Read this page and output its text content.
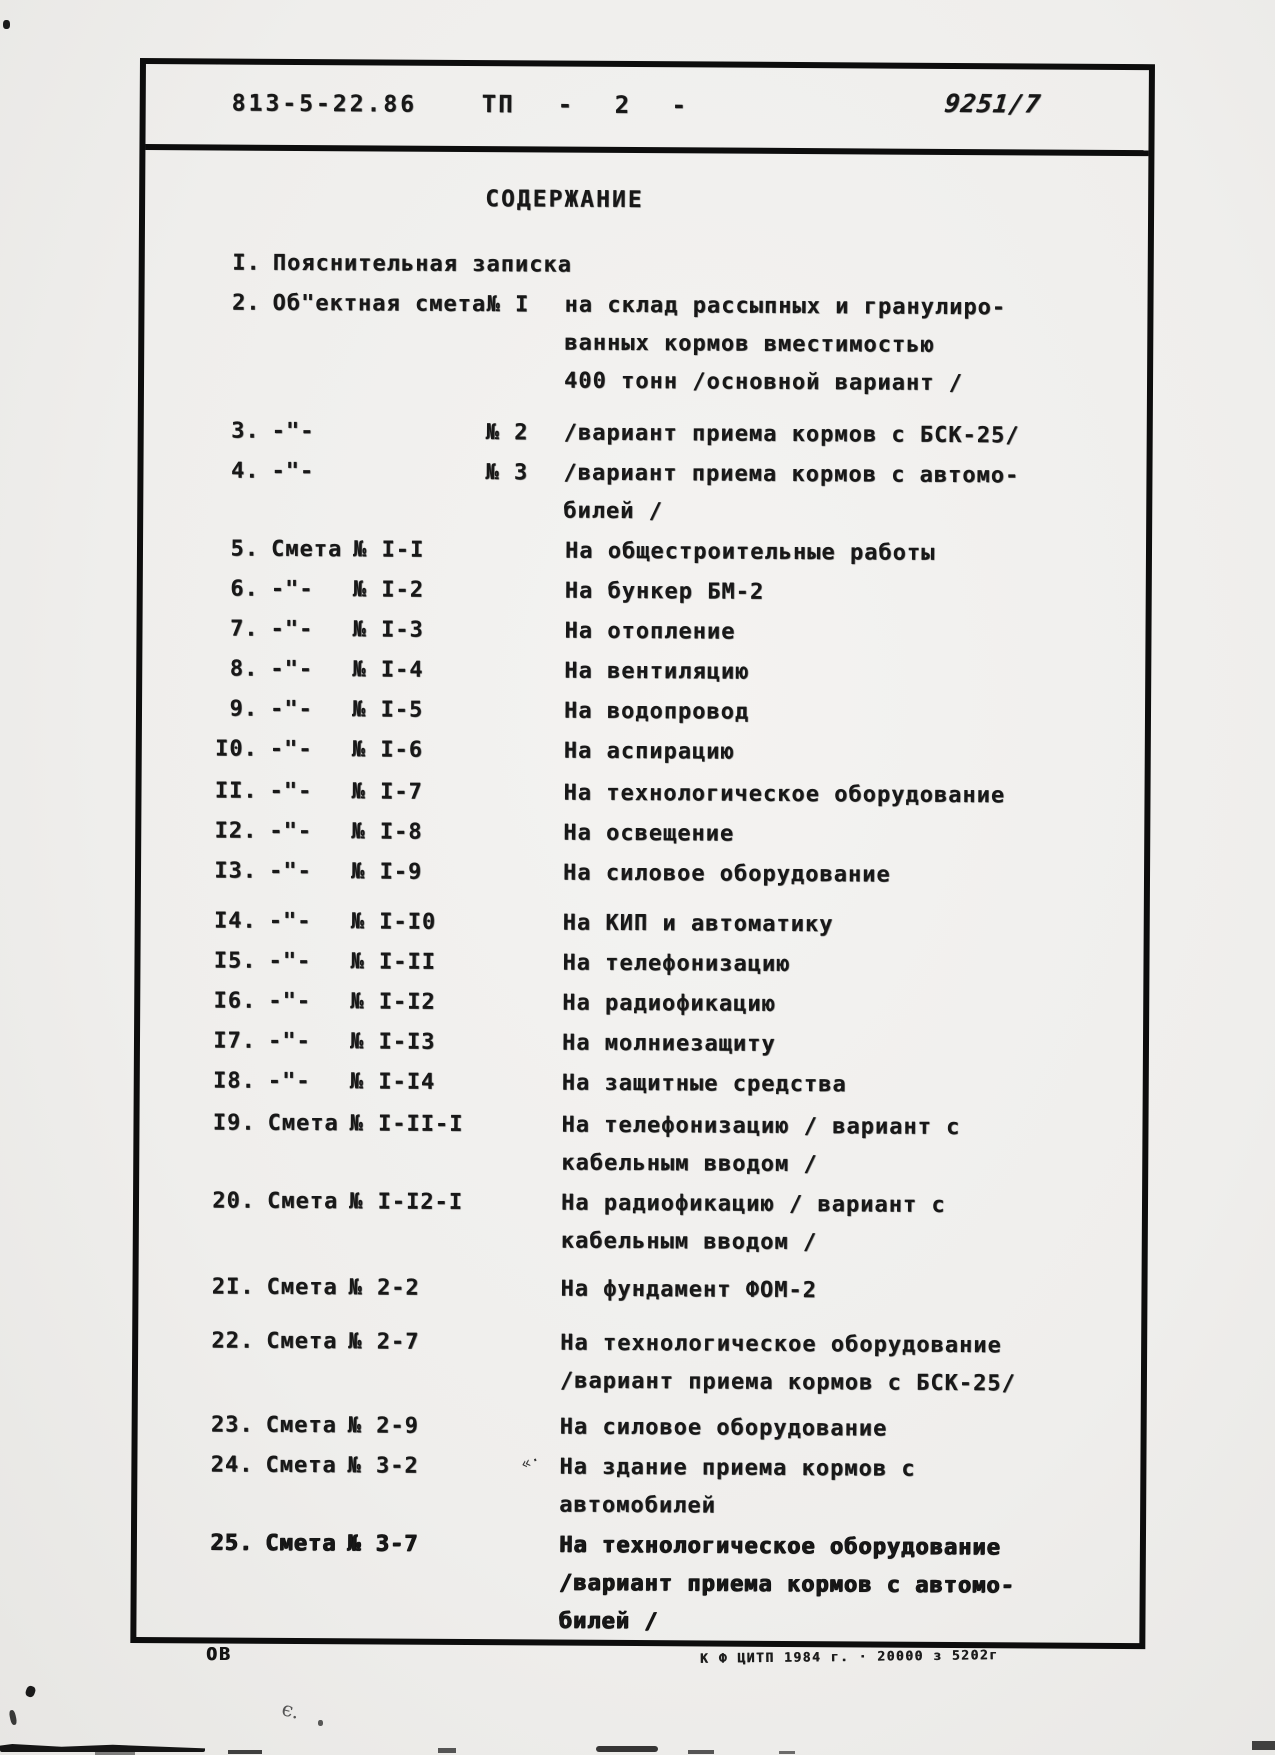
813-5-22.86	ТП - 2 -	9251/7
СОДЕРЖАНИЕ
I. Пояснительная записка
2. Об"ектная смета № I	на склад рассыпных и гранулиро-
ванных кормов вместимостью
400 тонн /основной вариант /
3. -"-	№ 2	/вариант приема кормов с БСК-25/
4. -"-	№ 3	/вариант приема кормов с автомо-
билей /
5. Смета № I-I	На общестроительные работы
6. -"-	№ I-2	На бункер БМ-2
7. -"-	№ I-3	На отопление
8. -"-	№ I-4	На вентиляцию
9. -"-	№ I-5	На водопровод
I0. -"-	№ I-6	На аспирацию
II. -"-	№ I-7	На технологическое оборудование
I2. -"-	№ I-8	На освещение
I3. -"-	№ I-9	На силовое оборудование
I4. -"-	№ I-I0	На КИП и автоматику
I5. -"-	№ I-II	На телефонизацию
I6. -"-	№ I-I2	На радиофикацию
I7. -"-	№ I-I3	На молниезащиту
I8. -"-	№ I-I4	На защитные средства
I9. Смета № I-II-I	На телефонизацию / вариант с
кабельным вводом /
20. Смета № I-I2-I	На радиофикацию / вариант с
кабельным вводом /
2I. Смета № 2-2	На фундамент ФОМ-2
22. Смета № 2-7	На технологическое оборудование
/вариант приема кормов с БСК-25/
23. Смета № 2-9	На силовое оборудование
24. Смета № 3-2	На здание приема кормов с
автомобилей
25. Смета № 3-7	На технологическое оборудование
/вариант приема кормов с автомо-
билей /
ОВ	К Ф ЦИТП 1984 г. · 20000 з 5202г
є.
«·
